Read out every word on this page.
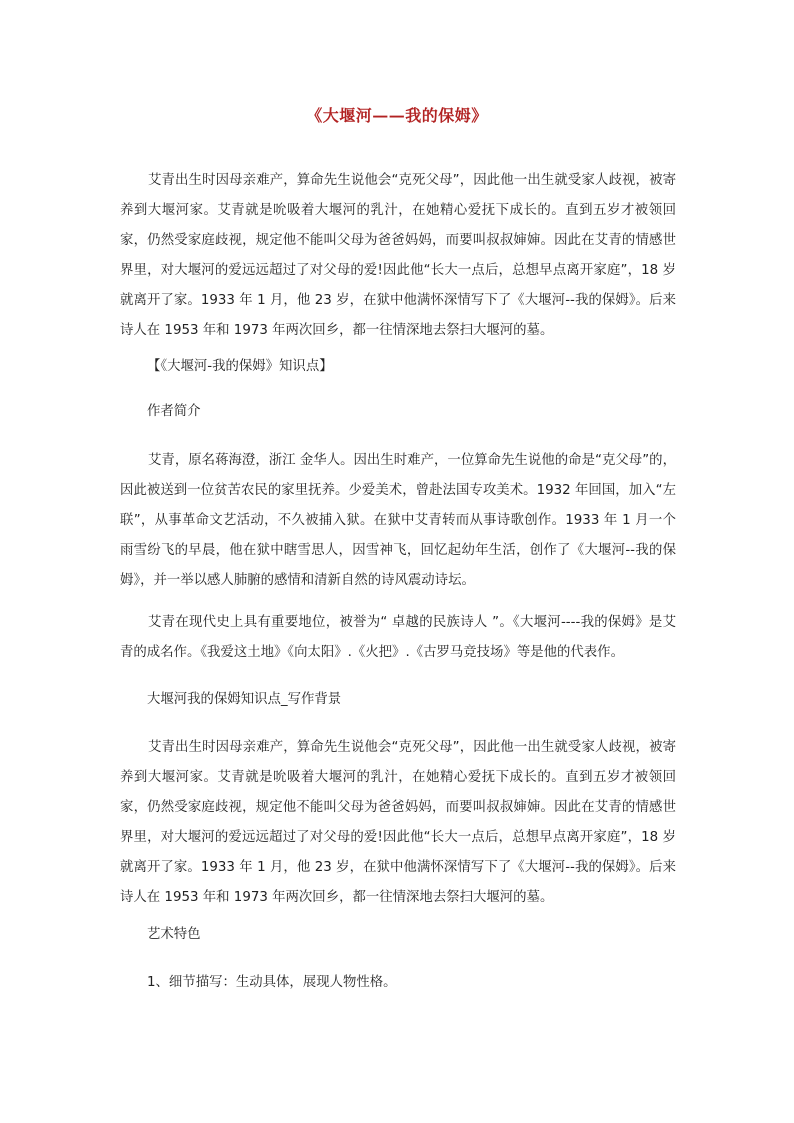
《大堰河——我的保姆》

艾青出生时因母亲难产，算命先生说他会“克死父母”，因此他一出生就受家人歧视，被寄养到大堰河家。艾青就是吮吸着大堰河的乳汁，在她精心爱抚下成长的。直到五岁才被领回家，仍然受家庭歧视，规定他不能叫父母为爸爸妈妈，而要叫叔叔婶婶。因此在艾青的情感世界里，对大堰河的爱远远超过了对父母的爱!因此他“长大一点后，总想早点离开家庭”，18 岁就离开了家。1933 年 1 月，他 23 岁，在狱中他满怀深情写下了《大堰河--我的保姆》。后来诗人在 1953 年和 1973 年两次回乡，都一往情深地去祭扫大堰河的墓。

【《大堰河-我的保姆》知识点】

作者简介

艾青，原名蒋海澄，浙江 金华人。因出生时难产，一位算命先生说他的命是“克父母”的，因此被送到一位贫苦农民的家里抚养。少爱美术，曾赴法国专攻美术。1932 年回国，加入“左联”，从事革命文艺活动，不久被捕入狱。在狱中艾青转而从事诗歌创作。1933 年 1 月一个雨雪纷飞的早晨，他在狱中瞎雪思人，因雪神飞，回忆起幼年生活，创作了《大堰河--我的保姆》，并一举以感人肺腑的感情和清新自然的诗风震动诗坛。

艾青在现代史上具有重要地位，被誉为“ 卓越的民族诗人 ”。《大堰河----我的保姆》是艾青的成名作。《我爱这土地》《向太阳》.《火把》.《古罗马竞技场》等是他的代表作。

大堰河我的保姆知识点_写作背景

艾青出生时因母亲难产，算命先生说他会“克死父母”，因此他一出生就受家人歧视，被寄养到大堰河家。艾青就是吮吸着大堰河的乳汁，在她精心爱抚下成长的。直到五岁才被领回家，仍然受家庭歧视，规定他不能叫父母为爸爸妈妈，而要叫叔叔婶婶。因此在艾青的情感世界里，对大堰河的爱远远超过了对父母的爱!因此他“长大一点后，总想早点离开家庭”，18 岁就离开了家。1933 年 1 月，他 23 岁，在狱中他满怀深情写下了《大堰河--我的保姆》。后来诗人在 1953 年和 1973 年两次回乡，都一往情深地去祭扫大堰河的墓。

艺术特色

1、细节描写：生动具体，展现人物性格。
